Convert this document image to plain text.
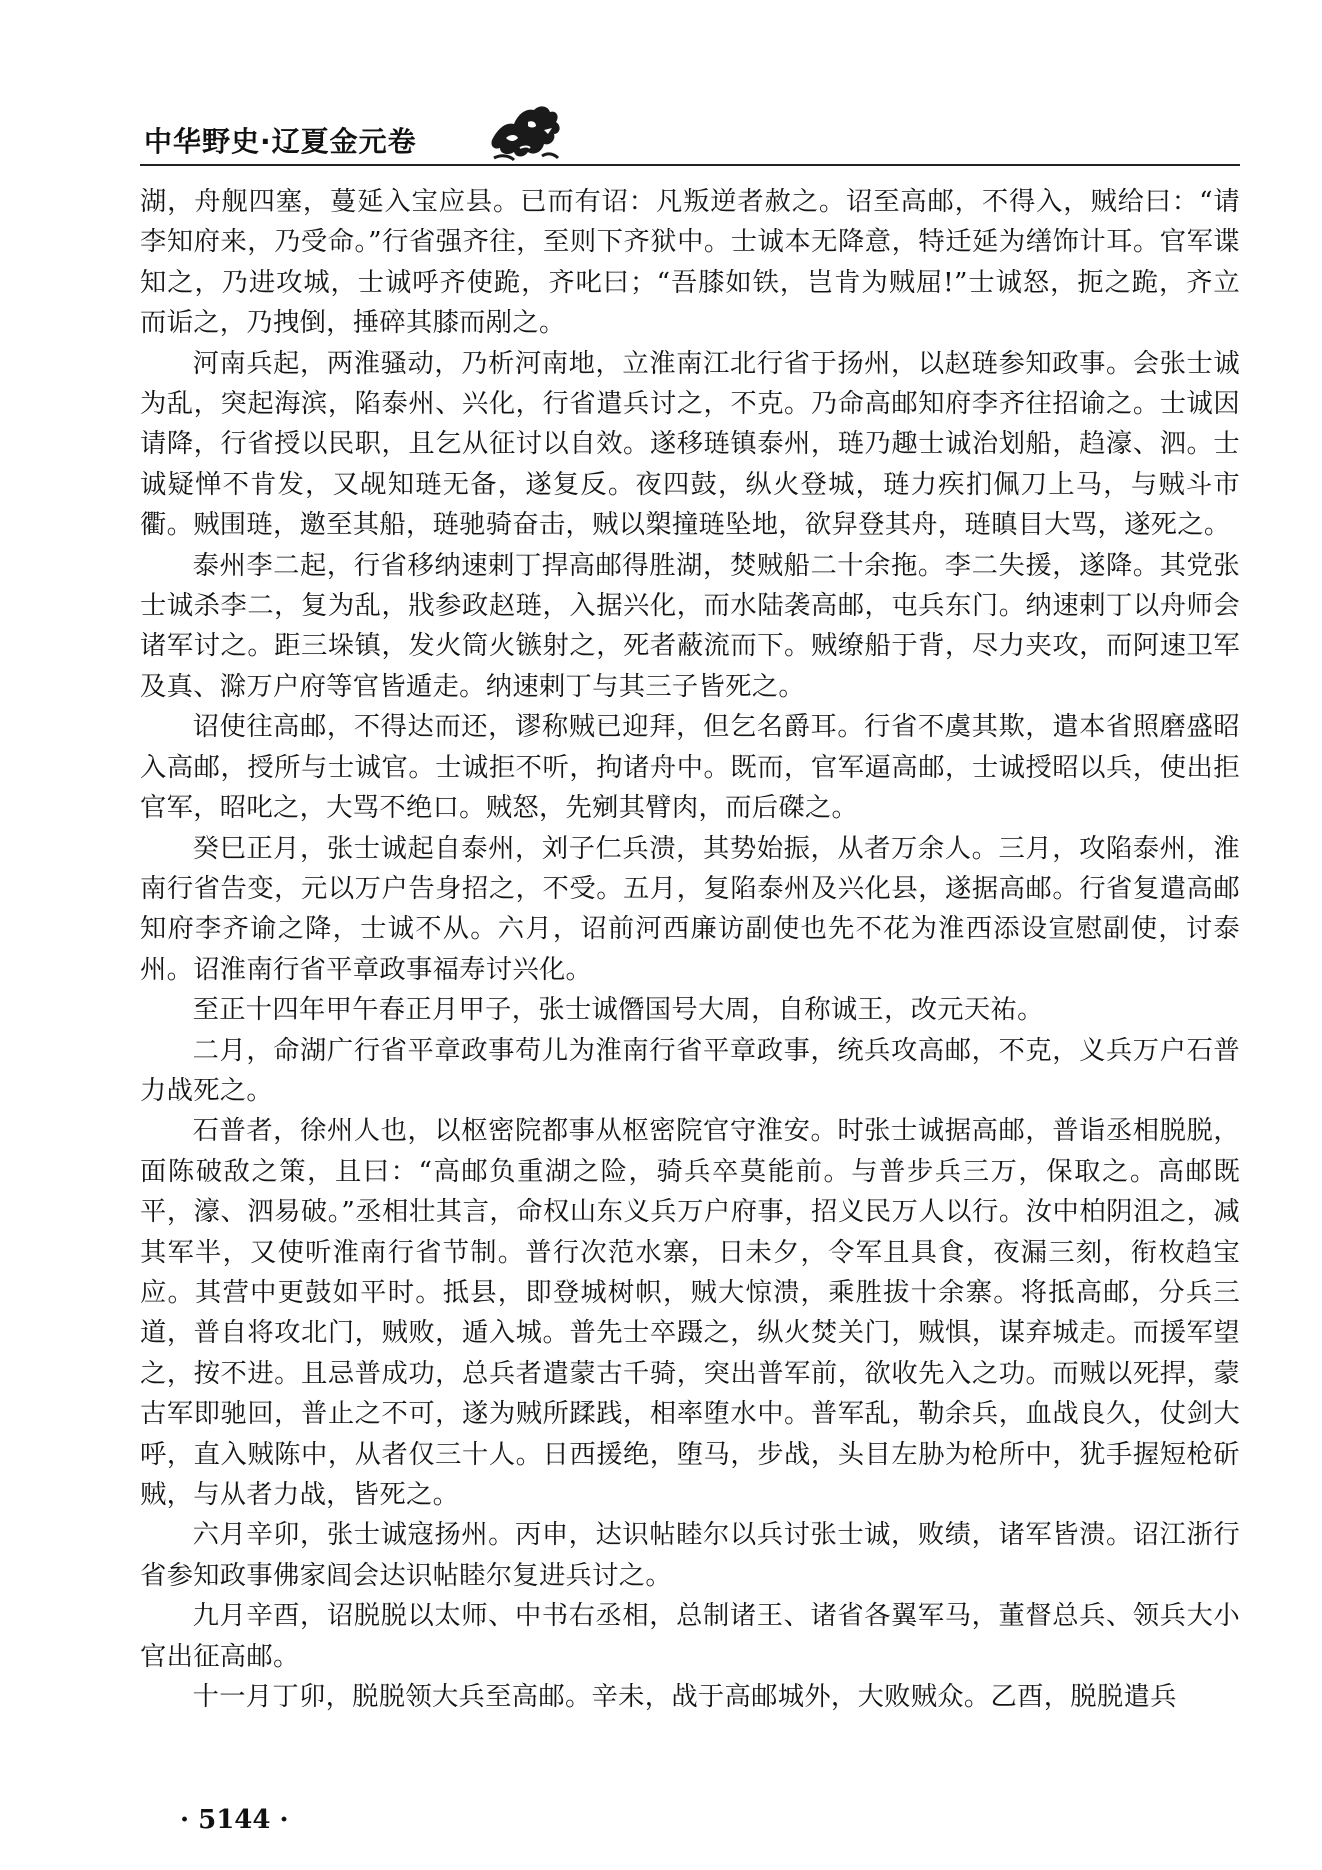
中华野史·辽夏金元卷

湖，舟舰四塞，蔓延入宝应县。已而有诏：凡叛逆者赦之。诏至高邮，不得入，贼给曰：“请李知府来，乃受命。”行省强齐往，至则下齐狱中。士诚本无降意，特迁延为缮饰计耳。官军谍知之，乃进攻城，士诚呼齐使跪，齐叱曰；“吾膝如铁，岂肯为贼屈!”士诚怒，扼之跪，齐立而诟之，乃拽倒，捶碎其膝而剐之。

河南兵起，两淮骚动，乃析河南地，立淮南江北行省于扬州，以赵琏参知政事。会张士诚为乱，突起海滨，陷泰州、兴化，行省遣兵讨之，不克。乃命高邮知府李齐往招谕之。士诚因请降，行省授以民职，且乞从征讨以自效。遂移琏镇泰州，琏乃趣士诚治划船，趋濠、泗。士诚疑惮不肯发，又觇知琏无备，遂复反。夜四鼓，纵火登城，琏力疾扪佩刀上马，与贼斗市衢。贼围琏，邀至其船，琏驰骑奋击，贼以槊撞琏坠地，欲舁登其舟，琏瞋目大骂，遂死之。

泰州李二起，行省移纳速剌丁捍高邮得胜湖，焚贼船二十余拖。李二失援，遂降。其党张士诚杀李二，复为乱，戕参政赵琏，入据兴化，而水陆袭高邮，屯兵东门。纳速剌丁以舟师会诸军讨之。距三垛镇，发火筒火镞射之，死者蔽流而下。贼缭船于背，尽力夹攻，而阿速卫军及真、滁万户府等官皆遁走。纳速剌丁与其三子皆死之。

诏使往高邮，不得达而还，谬称贼已迎拜，但乞名爵耳。行省不虞其欺，遣本省照磨盛昭入高邮，授所与士诚官。士诚拒不听，拘诸舟中。既而，官军逼高邮，士诚授昭以兵，使出拒官军，昭叱之，大骂不绝口。贼怒，先剜其臂肉，而后磔之。

癸巳正月，张士诚起自泰州，刘子仁兵溃，其势始振，从者万余人。三月，攻陷泰州，淮南行省告变，元以万户告身招之，不受。五月，复陷泰州及兴化县，遂据高邮。行省复遣高邮知府李齐谕之降，士诚不从。六月，诏前河西廉访副使也先不花为淮西添设宣慰副使，讨泰州。诏淮南行省平章政事福寿讨兴化。

至正十四年甲午春正月甲子，张士诚僭国号大周，自称诚王，改元天祐。

二月，命湖广行省平章政事苟儿为淮南行省平章政事，统兵攻高邮，不克，义兵万户石普力战死之。

石普者，徐州人也，以枢密院都事从枢密院官守淮安。时张士诚据高邮，普诣丞相脱脱，面陈破敌之策，且曰：“高邮负重湖之险，骑兵卒莫能前。与普步兵三万，保取之。高邮既平，濠、泗易破。”丞相壮其言，命权山东义兵万户府事，招义民万人以行。汝中柏阴沮之，减其军半，又使听淮南行省节制。普行次范水寨，日未夕，令军且具食，夜漏三刻，衔枚趋宝应。其营中更鼓如平时。抵县，即登城树帜，贼大惊溃，乘胜拔十余寨。将抵高邮，分兵三道，普自将攻北门，贼败，遁入城。普先士卒蹑之，纵火焚关门，贼惧，谋弃城走。而援军望之，按不进。且忌普成功，总兵者遣蒙古千骑，突出普军前，欲收先入之功。而贼以死捍，蒙古军即驰回，普止之不可，遂为贼所蹂践，相率堕水中。普军乱，勒余兵，血战良久，仗剑大呼，直入贼陈中，从者仅三十人。日西援绝，堕马，步战，头目左胁为枪所中，犹手握短枪斫贼，与从者力战，皆死之。

六月辛卯，张士诚寇扬州。丙申，达识帖睦尔以兵讨张士诚，败绩，诸军皆溃。诏江浙行省参知政事佛家闾会达识帖睦尔复进兵讨之。

九月辛酉，诏脱脱以太师、中书右丞相，总制诸王、诸省各翼军马，董督总兵、领兵大小官出征高邮。

十一月丁卯，脱脱领大兵至高邮。辛未，战于高邮城外，大败贼众。乙酉，脱脱遣兵

· 5144 ·
